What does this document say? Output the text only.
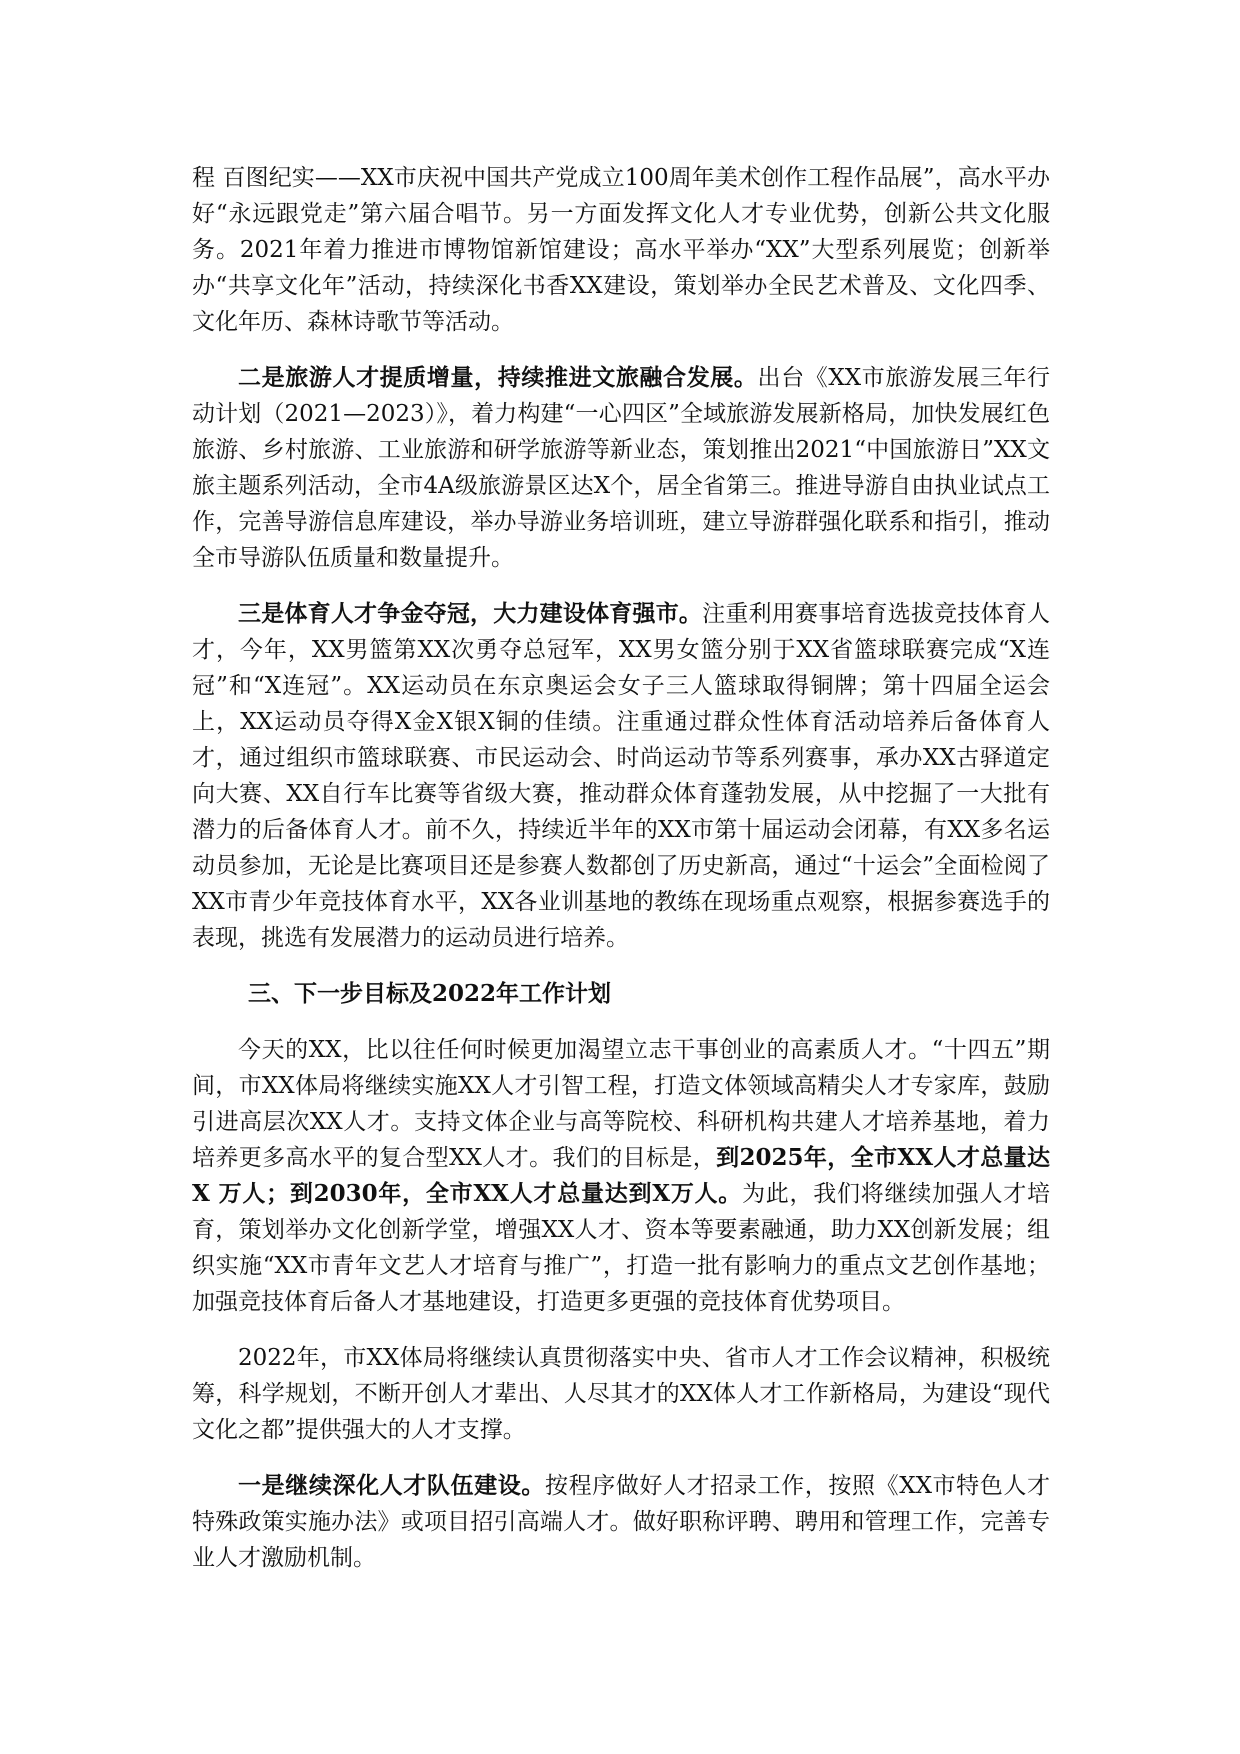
程 百图纪实——XX市庆祝中国共产党成立100周年美术创作工程作品展”，高水平办好“永远跟党走”第六届合唱节。另一方面发挥文化人才专业优势，创新公共文化服务。2021年着力推进市博物馆新馆建设；高水平举办“XX”大型系列展览；创新举办“共享文化年”活动，持续深化书香XX建设，策划举办全民艺术普及、文化四季、文化年历、森林诗歌节等活动。

二是旅游人才提质增量，持续推进文旅融合发展。出台《XX市旅游发展三年行动计划（2021—2023）》，着力构建“一心四区”全域旅游发展新格局，加快发展红色旅游、乡村旅游、工业旅游和研学旅游等新业态，策划推出2021“中国旅游日”XX文旅主题系列活动，全市4A级旅游景区达X个，居全省第三。推进导游自由执业试点工作，完善导游信息库建设，举办导游业务培训班，建立导游群强化联系和指引，推动全市导游队伍质量和数量提升。

三是体育人才争金夺冠，大力建设体育强市。注重利用赛事培育选拔竞技体育人才，今年，XX男篮第XX次勇夺总冠军，XX男女篮分别于XX省篮球联赛完成“X连冠”和“X连冠”。XX运动员在东京奥运会女子三人篮球取得铜牌；第十四届全运会上，XX运动员夺得X金X银X铜的佳绩。注重通过群众性体育活动培养后备体育人才，通过组织市篮球联赛、市民运动会、时尚运动节等系列赛事，承办XX古驿道定向大赛、XX自行车比赛等省级大赛，推动群众体育蓬勃发展，从中挖掘了一大批有潜力的后备体育人才。前不久，持续近半年的XX市第十届运动会闭幕，有XX多名运动员参加，无论是比赛项目还是参赛人数都创了历史新高，通过“十运会”全面检阅了XX市青少年竞技体育水平，XX各业训基地的教练在现场重点观察，根据参赛选手的表现，挑选有发展潜力的运动员进行培养。

三、下一步目标及2022年工作计划

今天的XX，比以往任何时候更加渴望立志干事创业的高素质人才。“十四五”期间，市XX体局将继续实施XX人才引智工程，打造文体领域高精尖人才专家库，鼓励引进高层次XX人才。支持文体企业与高等院校、科研机构共建人才培养基地，着力培养更多高水平的复合型XX人才。我们的目标是，到2025年，全市XX人才总量达X 万人；到2030年，全市XX人才总量达到X万人。为此，我们将继续加强人才培育，策划举办文化创新学堂，增强XX人才、资本等要素融通，助力XX创新发展；组织实施“XX市青年文艺人才培育与推广”，打造一批有影响力的重点文艺创作基地；加强竞技体育后备人才基地建设，打造更多更强的竞技体育优势项目。

2022年，市XX体局将继续认真贯彻落实中央、省市人才工作会议精神，积极统筹，科学规划，不断开创人才辈出、人尽其才的XX体人才工作新格局，为建设“现代文化之都”提供强大的人才支撑。

一是继续深化人才队伍建设。按程序做好人才招录工作，按照《XX市特色人才特殊政策实施办法》或项目招引高端人才。做好职称评聘、聘用和管理工作，完善专业人才激励机制。
